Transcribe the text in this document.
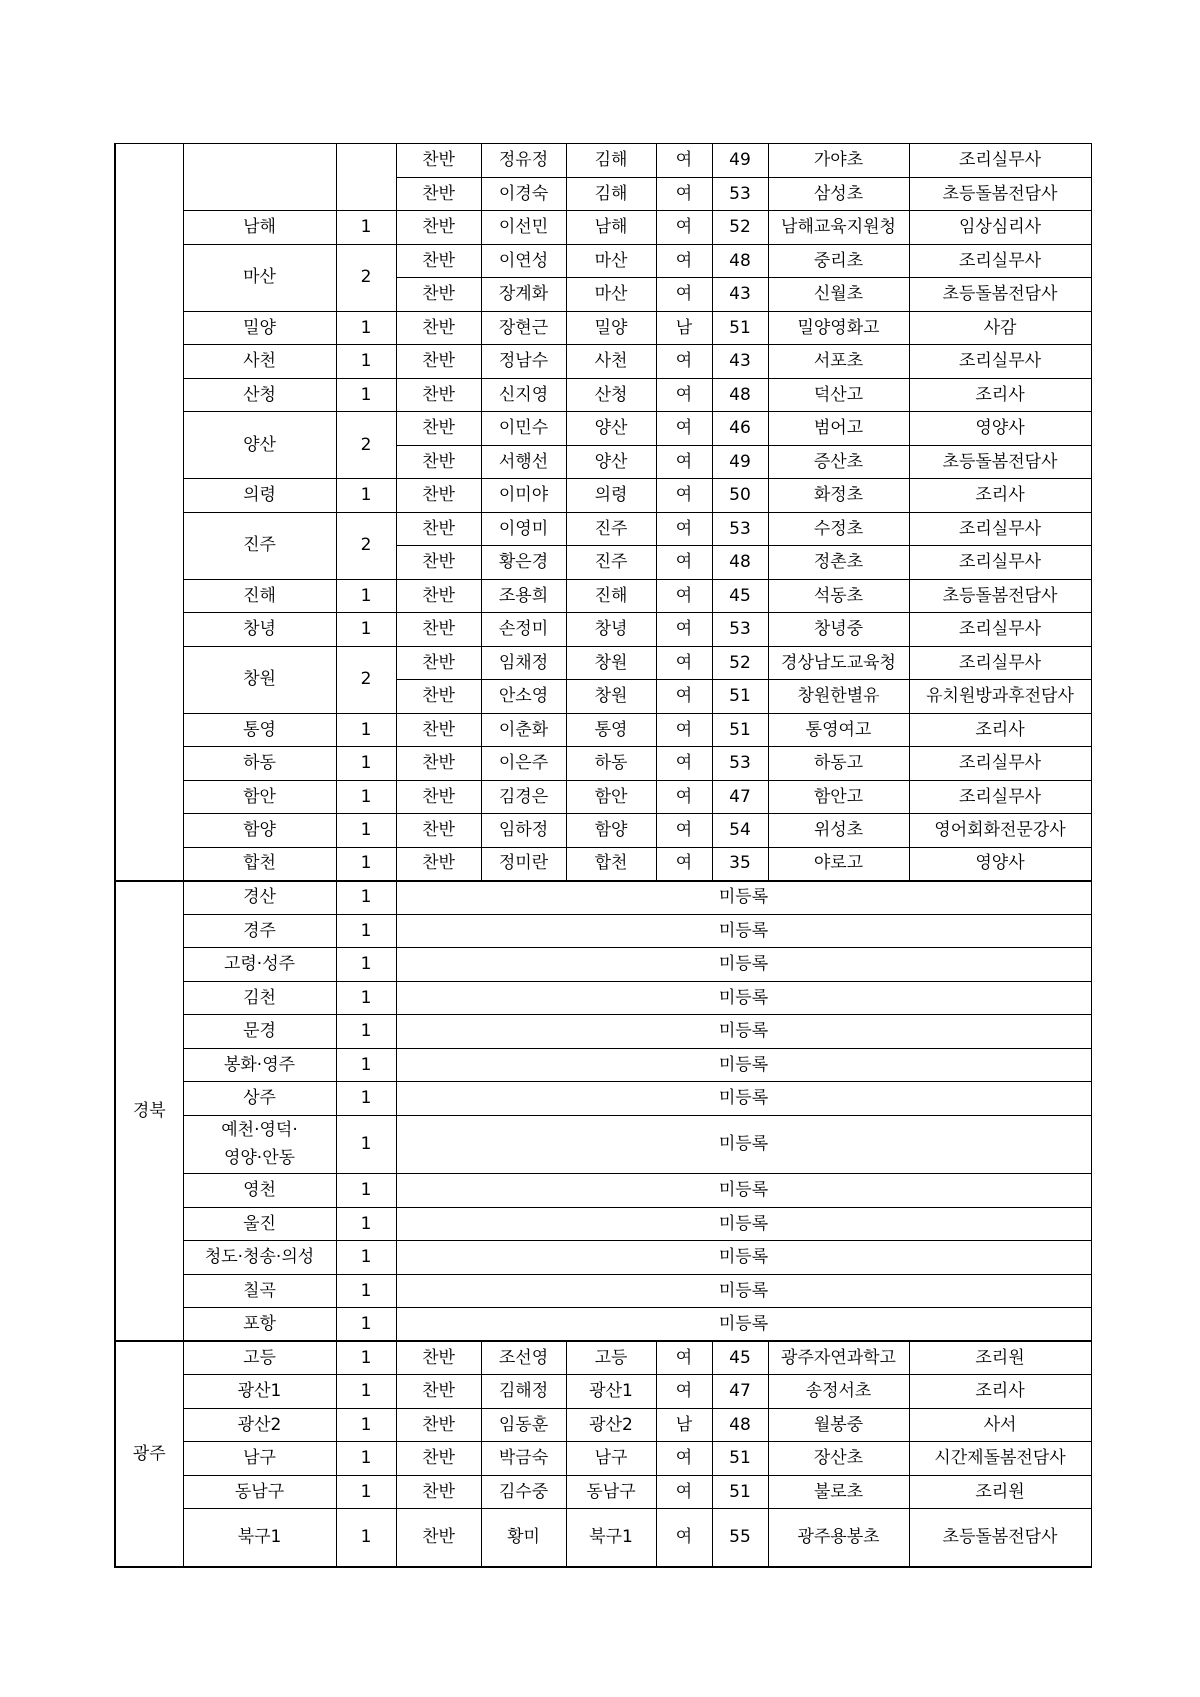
			찬반	정유정	김해	여	49	가야초	조리실무사
			찬반	이경숙	김해	여	53	삼성초	초등돌봄전담사
	남해	1	찬반	이선민	남해	여	52	남해교육지원청	임상심리사
	마산	2	찬반	이연성	마산	여	48	중리초	조리실무사
			찬반	장계화	마산	여	43	신월초	초등돌봄전담사
	밀양	1	찬반	장현근	밀양	남	51	밀양영화고	사감
	사천	1	찬반	정남수	사천	여	43	서포초	조리실무사
	산청	1	찬반	신지영	산청	여	48	덕산고	조리사
	양산	2	찬반	이민수	양산	여	46	범어고	영양사
			찬반	서행선	양산	여	49	증산초	초등돌봄전담사
	의령	1	찬반	이미야	의령	여	50	화정초	조리사
	진주	2	찬반	이영미	진주	여	53	수정초	조리실무사
			찬반	황은경	진주	여	48	정촌초	조리실무사
	진해	1	찬반	조용희	진해	여	45	석동초	초등돌봄전담사
	창녕	1	찬반	손정미	창녕	여	53	창녕중	조리실무사
	창원	2	찬반	임채정	창원	여	52	경상남도교육청	조리실무사
			찬반	안소영	창원	여	51	창원한별유	유치원방과후전담사
	통영	1	찬반	이춘화	통영	여	51	통영여고	조리사
	하동	1	찬반	이은주	하동	여	53	하동고	조리실무사
	함안	1	찬반	김경은	함안	여	47	함안고	조리실무사
	함양	1	찬반	임하정	함양	여	54	위성초	영어회화전문강사
	합천	1	찬반	정미란	합천	여	35	야로고	영양사
경북	경산	1	미등록						
	경주	1	미등록						
	고령·성주	1	미등록						
	김천	1	미등록						
	문경	1	미등록						
	봉화·영주	1	미등록						
	상주	1	미등록						
	예천·영덕·
영양·안동	1	미등록						
	영천	1	미등록						
	울진	1	미등록						
	청도·청송·의성	1	미등록						
	칠곡	1	미등록						
	포항	1	미등록						
광주	고등	1	찬반	조선영	고등	여	45	광주자연과학고	조리원
	광산1	1	찬반	김해정	광산1	여	47	송정서초	조리사
	광산2	1	찬반	임동훈	광산2	남	48	월봉중	사서
	남구	1	찬반	박금숙	남구	여	51	장산초	시간제돌봄전담사
	동남구	1	찬반	김수중	동남구	여	51	불로초	조리원
	북구1	1	찬반	황미	북구1	여	55	광주용봉초	초등돌봄전담사
